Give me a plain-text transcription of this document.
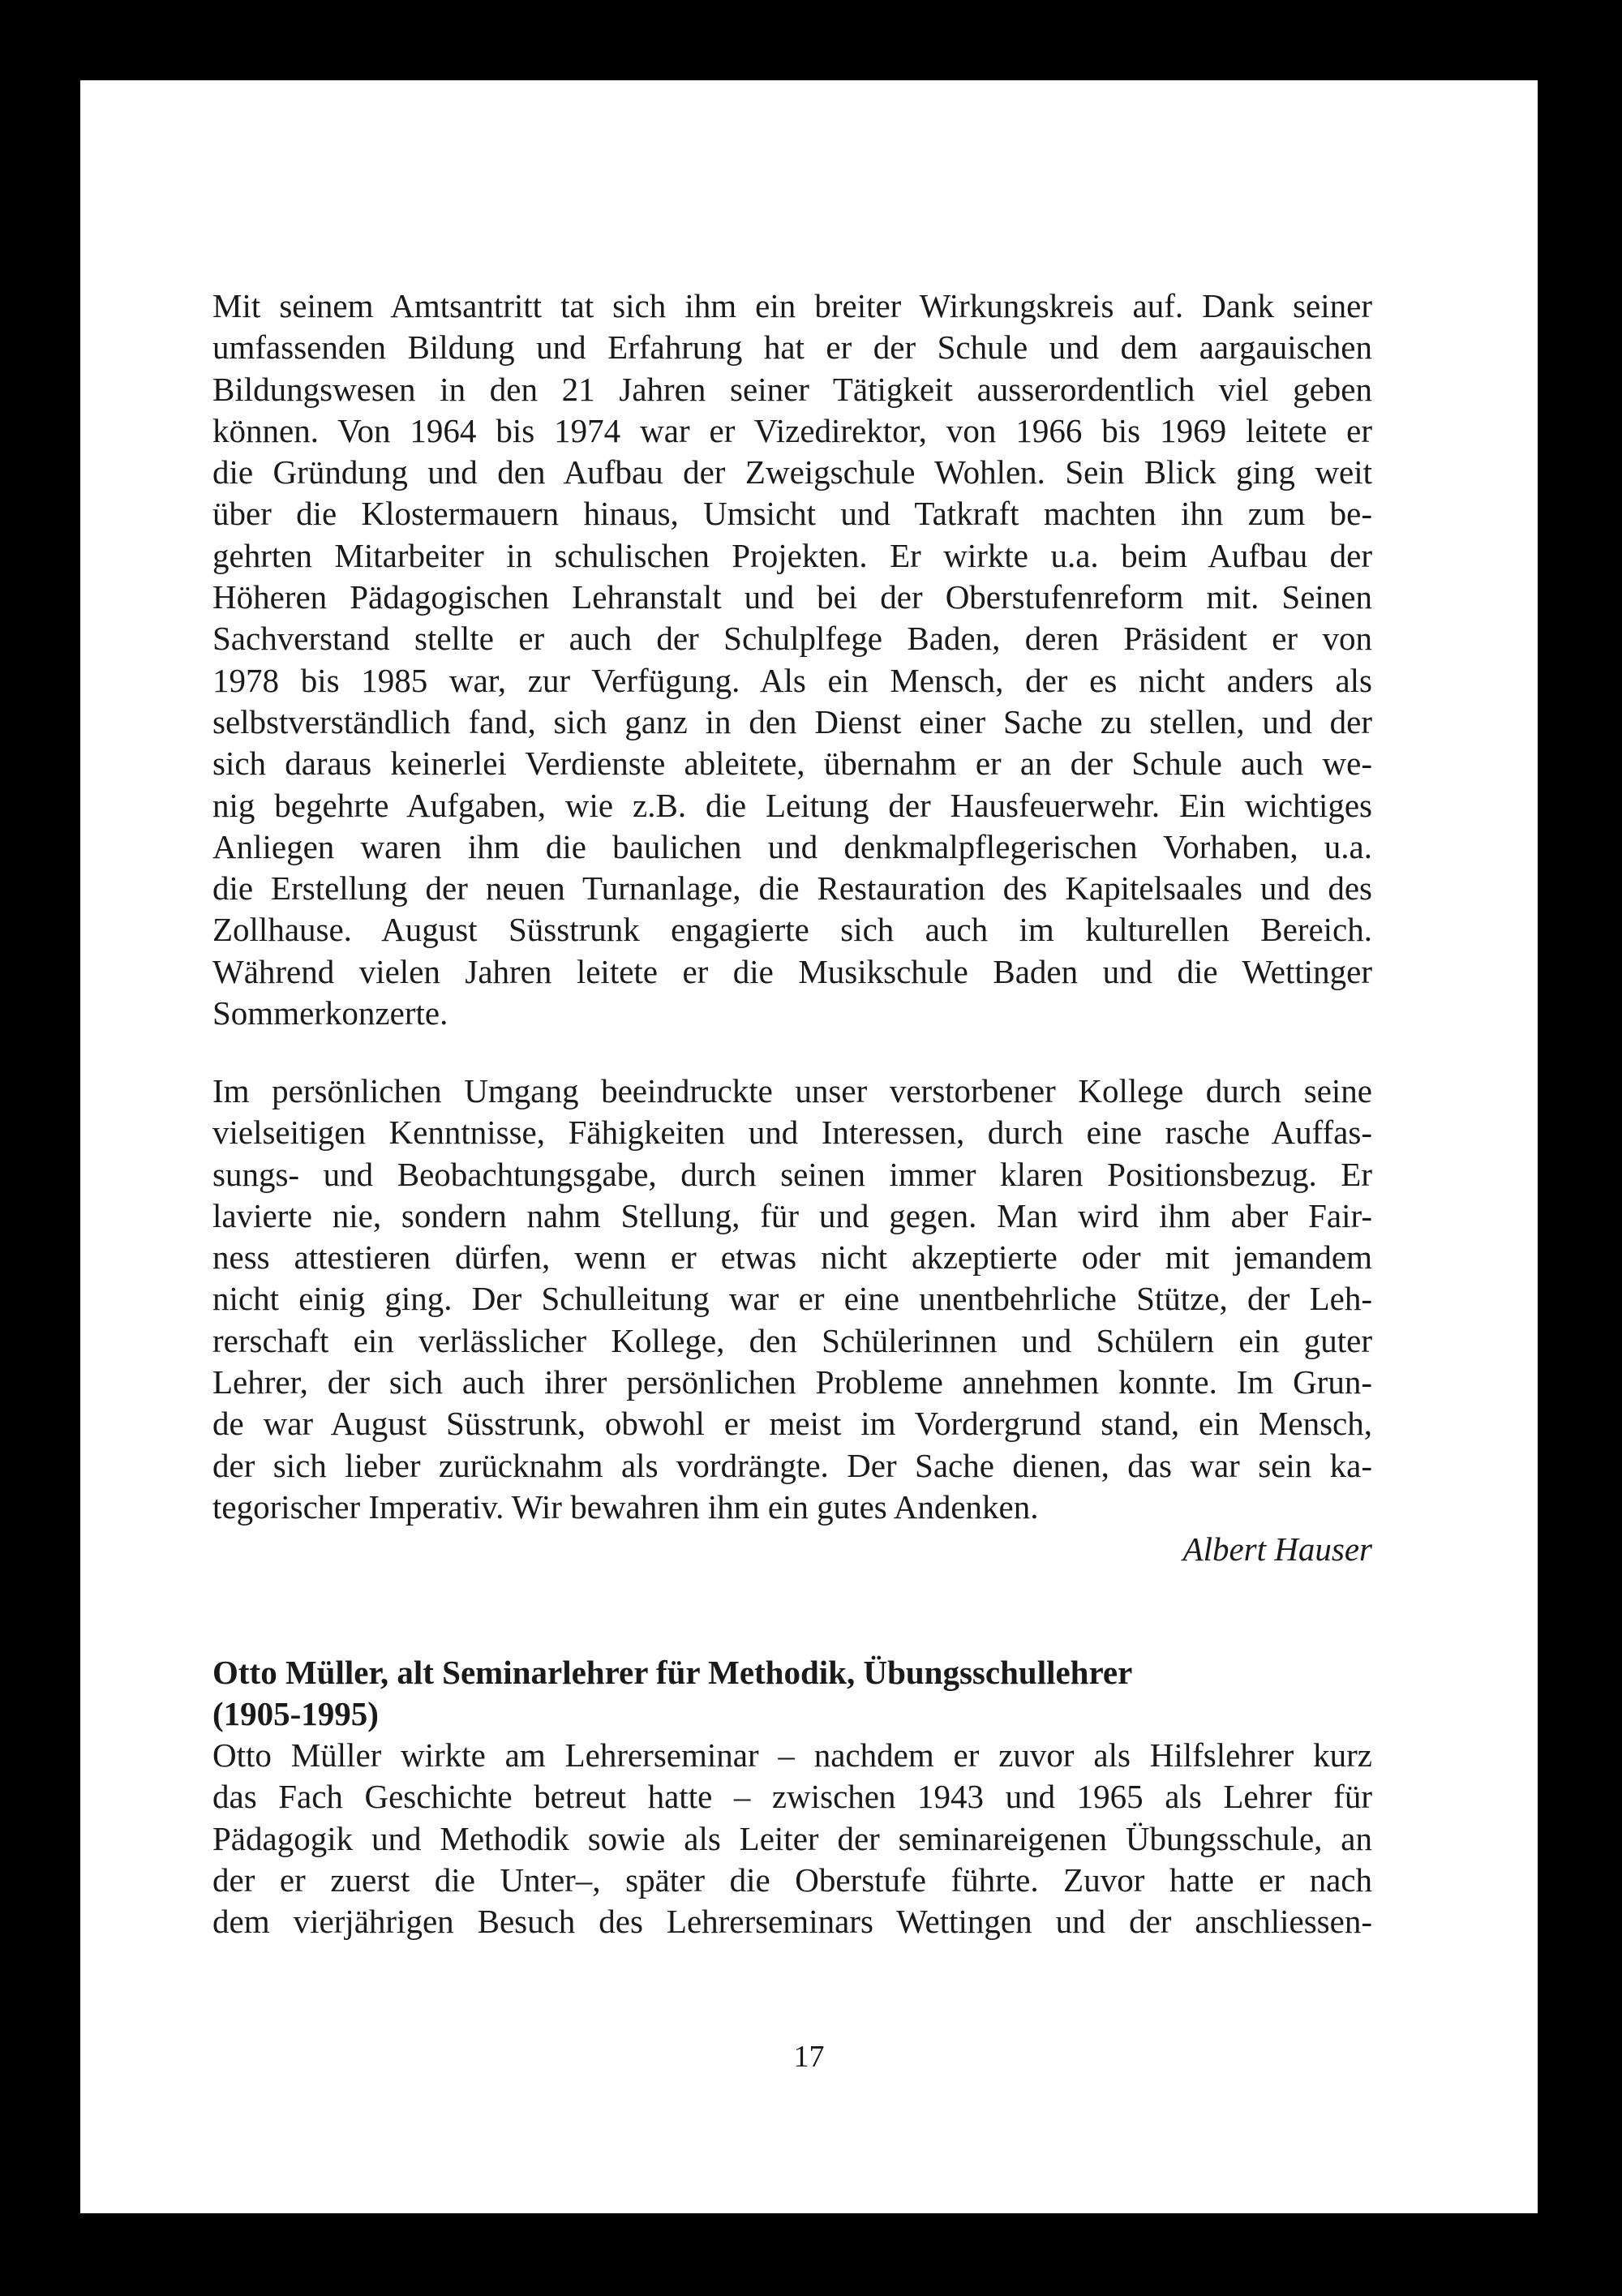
Mit seinem Amtsantritt tat sich ihm ein breiter Wirkungskreis auf. Dank seiner
umfassenden Bildung und Erfahrung hat er der Schule und dem aargauischen
Bildungswesen in den 21 Jahren seiner Tätigkeit ausserordentlich viel geben
können. Von 1964 bis 1974 war er Vizedirektor, von 1966 bis 1969 leitete er
die Gründung und den Aufbau der Zweigschule Wohlen. Sein Blick ging weit
über die Klostermauern hinaus, Umsicht und Tatkraft machten ihn zum be-
gehrten Mitarbeiter in schulischen Projekten. Er wirkte u.a. beim Aufbau der
Höheren Pädagogischen Lehranstalt und bei der Oberstufenreform mit. Seinen
Sachverstand stellte er auch der Schulplfege Baden, deren Präsident er von
1978 bis 1985 war, zur Verfügung. Als ein Mensch, der es nicht anders als
selbstverständlich fand, sich ganz in den Dienst einer Sache zu stellen, und der
sich daraus keinerlei Verdienste ableitete, übernahm er an der Schule auch we-
nig begehrte Aufgaben, wie z.B. die Leitung der Hausfeuerwehr. Ein wichtiges
Anliegen waren ihm die baulichen und denkmalpflegerischen Vorhaben, u.a.
die Erstellung der neuen Turnanlage, die Restauration des Kapitelsaales und des
Zollhause. August Süsstrunk engagierte sich auch im kulturellen Bereich.
Während vielen Jahren leitete er die Musikschule Baden und die Wettinger
Sommerkonzerte.
Im persönlichen Umgang beeindruckte unser verstorbener Kollege durch seine
vielseitigen Kenntnisse, Fähigkeiten und Interessen, durch eine rasche Auffas-
sungs- und Beobachtungsgabe, durch seinen immer klaren Positionsbezug. Er
lavierte nie, sondern nahm Stellung, für und gegen. Man wird ihm aber Fair-
ness attestieren dürfen, wenn er etwas nicht akzeptierte oder mit jemandem
nicht einig ging. Der Schulleitung war er eine unentbehrliche Stütze, der Leh-
rerschaft ein verlässlicher Kollege, den Schülerinnen und Schülern ein guter
Lehrer, der sich auch ihrer persönlichen Probleme annehmen konnte. Im Grun-
de war August Süsstrunk, obwohl er meist im Vordergrund stand, ein Mensch,
der sich lieber zurücknahm als vordrängte. Der Sache dienen, das war sein ka-
tegorischer Imperativ. Wir bewahren ihm ein gutes Andenken.
Albert Hauser
Otto Müller, alt Seminarlehrer für Methodik, Übungsschullehrer
(1905-1995)
Otto Müller wirkte am Lehrerseminar – nachdem er zuvor als Hilfslehrer kurz
das Fach Geschichte betreut hatte – zwischen 1943 und 1965 als Lehrer für
Pädagogik und Methodik sowie als Leiter der seminareigenen Übungsschule, an
der er zuerst die Unter–, später die Oberstufe führte. Zuvor hatte er nach
dem vierjährigen Besuch des Lehrerseminars Wettingen und der anschliessen-
17
